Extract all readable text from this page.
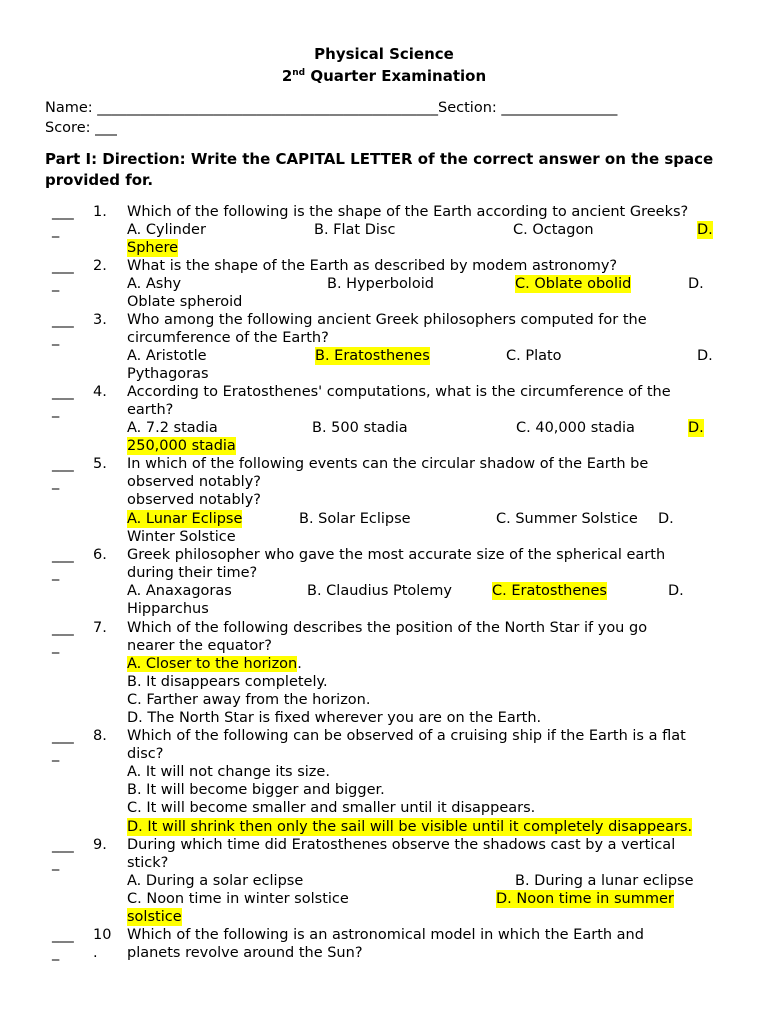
Physical Science
2nd Quarter Examination
Name: _______________________________________________Section: ________________
Score: ___
Part I: Direction: Write the CAPITAL LETTER of the correct answer on the space
provided for.
___
_
1. Which of the following is the shape of the Earth according to ancient Greeks?
A. Cylinder	B. Flat Disc	C. Octagon	D.
Sphere
___
_
2. What is the shape of the Earth as described by modem astronomy?
A. Ashy	B. Hyperboloid	C. Oblate obolid	D.
Oblate spheroid
___
_
3. Who among the following ancient Greek philosophers computed for the
circumference of the Earth?
A. Aristotle	B. Eratosthenes	C. Plato	D.
Pythagoras
___
_
4. According to Eratosthenes' computations, what is the circumference of the
earth?
A. 7.2 stadia	B. 500 stadia	C. 40,000 stadia	D.
250,000 stadia
___
_
5. In which of the following events can the circular shadow of the Earth be
observed notably?
observed notably?
A. Lunar Eclipse	B. Solar Eclipse	C. Summer Solstice D.
Winter Solstice
___
_
6. Greek philosopher who gave the most accurate size of the spherical earth
during their time?
A. Anaxagoras	B. Claudius Ptolemy	C. Eratosthenes	D.
Hipparchus
___
_
7. Which of the following describes the position of the North Star if you go
nearer the equator?
A. Closer to the horizon.
B. It disappears completely.
C. Farther away from the horizon.
D. The North Star is fixed wherever you are on the Earth.
___
_
8. Which of the following can be observed of a cruising ship if the Earth is a flat
disc?
A. It will not change its size.
B. It will become bigger and bigger.
C. It will become smaller and smaller until it disappears.
D. It will shrink then only the sail will be visible until it completely disappears.
___
_
9. During which time did Eratosthenes observe the shadows cast by a vertical
stick?
A. During a solar eclipse	B. During a lunar eclipse
C. Noon time in winter solstice	D. Noon time in summer
solstice
___
_
10
.
Which of the following is an astronomical model in which the Earth and
planets revolve around the Sun?
